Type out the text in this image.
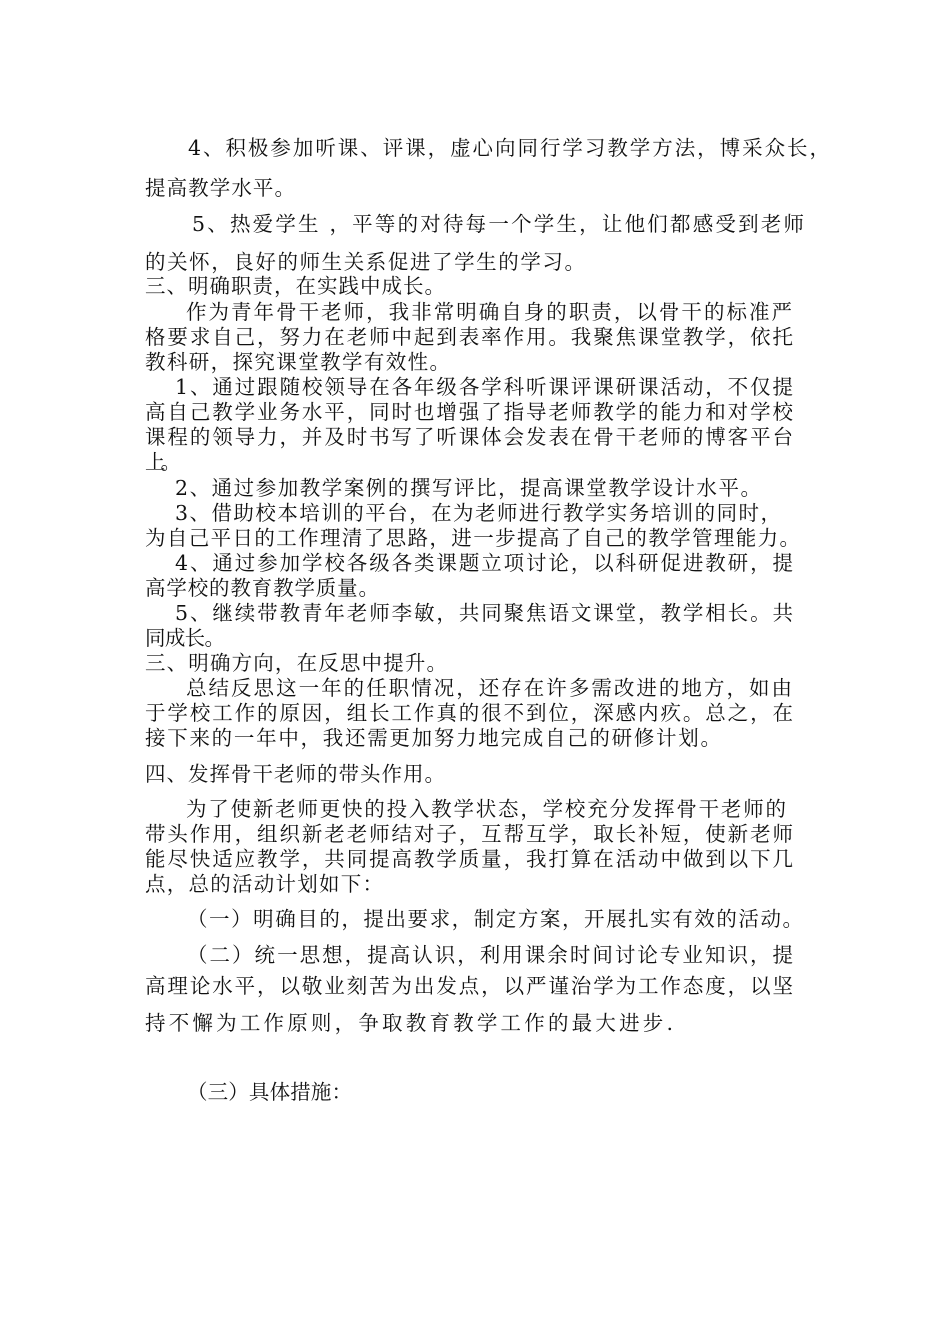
4、积极参加听课、评课，虚心向同行学习教学方法，博采众长，
提高教学水平。
5、热爱学生 ，平等的对待每一个学生，让他们都感受到老师
的关怀，良好的师生关系促进了学生的学习。
三、明确职责，在实践中成长。
作为青年骨干老师，我非常明确自身的职责，以骨干的标准严
格要求自己，努力在老师中起到表率作用。我聚焦课堂教学，依托
教科研，探究课堂教学有效性。
1、通过跟随校领导在各年级各学科听课评课研课活动，不仅提
高自己教学业务水平，同时也增强了指导老师教学的能力和对学校
课程的领导力，并及时书写了听课体会发表在骨干老师的博客平台
上。
2、通过参加教学案例的撰写评比，提高课堂教学设计水平。
3、借助校本培训的平台，在为老师进行教学实务培训的同时，
为自己平日的工作理清了思路，进一步提高了自己的教学管理能力。
4、通过参加学校各级各类课题立项讨论，以科研促进教研，提
高学校的教育教学质量。
5、继续带教青年老师李敏，共同聚焦语文课堂，教学相长。共
同成长。
三、明确方向，在反思中提升。
总结反思这一年的任职情况，还存在许多需改进的地方，如由
于学校工作的原因，组长工作真的很不到位，深感内疚。总之，在
接下来的一年中，我还需更加努力地完成自己的研修计划。
四、发挥骨干老师的带头作用。
为了使新老师更快的投入教学状态，学校充分发挥骨干老师的
带头作用，组织新老老师结对子，互帮互学，取长补短，使新老师
能尽快适应教学，共同提高教学质量，我打算在活动中做到以下几
点，总的活动计划如下：
（一）明确目的，提出要求，制定方案，开展扎实有效的活动。
（二）统一思想，提高认识，利用课余时间讨论专业知识，提
高理论水平，以敬业刻苦为出发点，以严谨治学为工作态度，以坚
持不懈为工作原则，争取教育教学工作的最大进步.
（三）具体措施：
